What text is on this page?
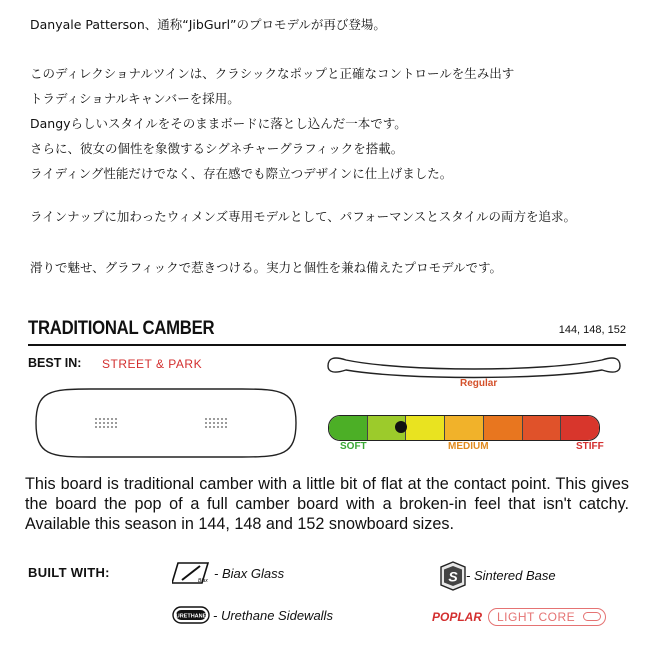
Danyale Patterson、通称“JibGurl”のプロモデルが再び登場。
このディレクショナルツインは、クラシックなポップと正確なコントロールを生み出す
トラディショナルキャンバーを採用。
Dangyらしいスタイルをそのままボードに落とし込んだ一本です。
さらに、彼女の個性を象徴するシグネチャーグラフィックを搭載。
ライディング性能だけでなく、存在感でも際立つデザインに仕上げました。
ラインナップに加わったウィメンズ専用モデルとして、パフォーマンスとスタイルの両方を追求。
滑りで魅せ、グラフィックで惹きつける。実力と個性を兼ね備えたプロモデルです。
TRADITIONAL CAMBER	144, 148, 152
BEST IN: STREET & PARK
Regular
SOFT	MEDIUM	STIFF
This board is traditional camber with a little bit of flat at the contact point. This gives the board the pop of a full camber board with a broken-in feel that isn't catchy. Available this season in 144, 148 and 152 snowboard sizes.
BUILT WITH:
Biax - Biax Glass	S - Sintered Base
URETHANE - Urethane Sidewalls	POPLAR LIGHT CORE
